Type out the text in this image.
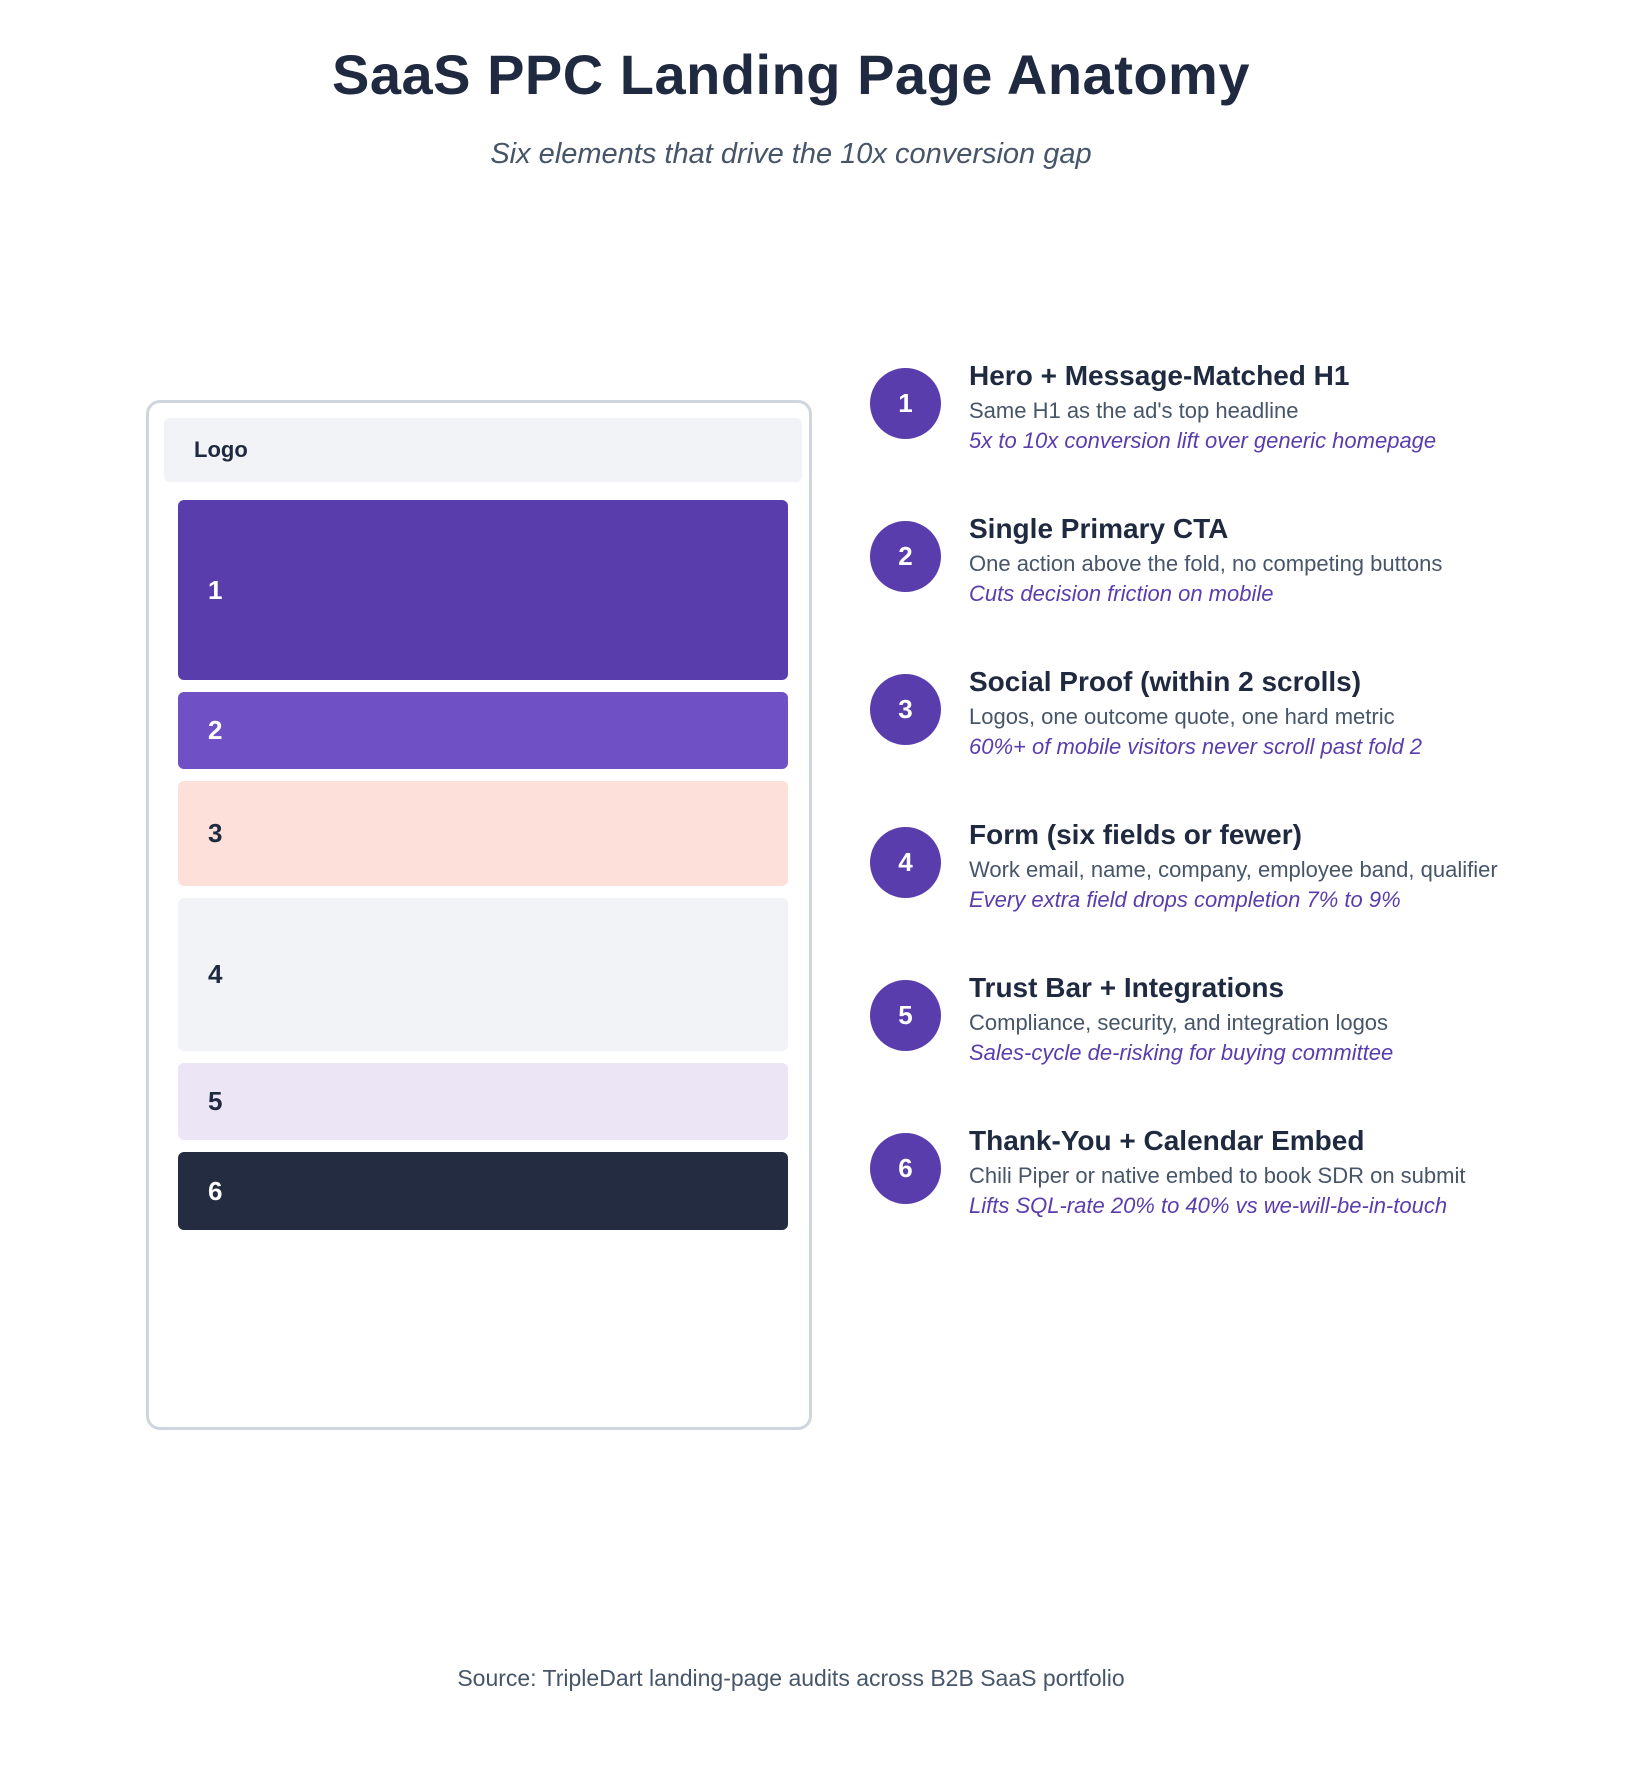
SaaS PPC Landing Page Anatomy
Six elements that drive the 10x conversion gap
Logo
1
2
3
4
5
6
1
Hero + Message-Matched H1
Same H1 as the ad's top headline
5x to 10x conversion lift over generic homepage
2
Single Primary CTA
One action above the fold, no competing buttons
Cuts decision friction on mobile
3
Social Proof (within 2 scrolls)
Logos, one outcome quote, one hard metric
60%+ of mobile visitors never scroll past fold 2
4
Form (six fields or fewer)
Work email, name, company, employee band, qualifier
Every extra field drops completion 7% to 9%
5
Trust Bar + Integrations
Compliance, security, and integration logos
Sales-cycle de-risking for buying committee
6
Thank-You + Calendar Embed
Chili Piper or native embed to book SDR on submit
Lifts SQL-rate 20% to 40% vs we-will-be-in-touch
Source: TripleDart landing-page audits across B2B SaaS portfolio
